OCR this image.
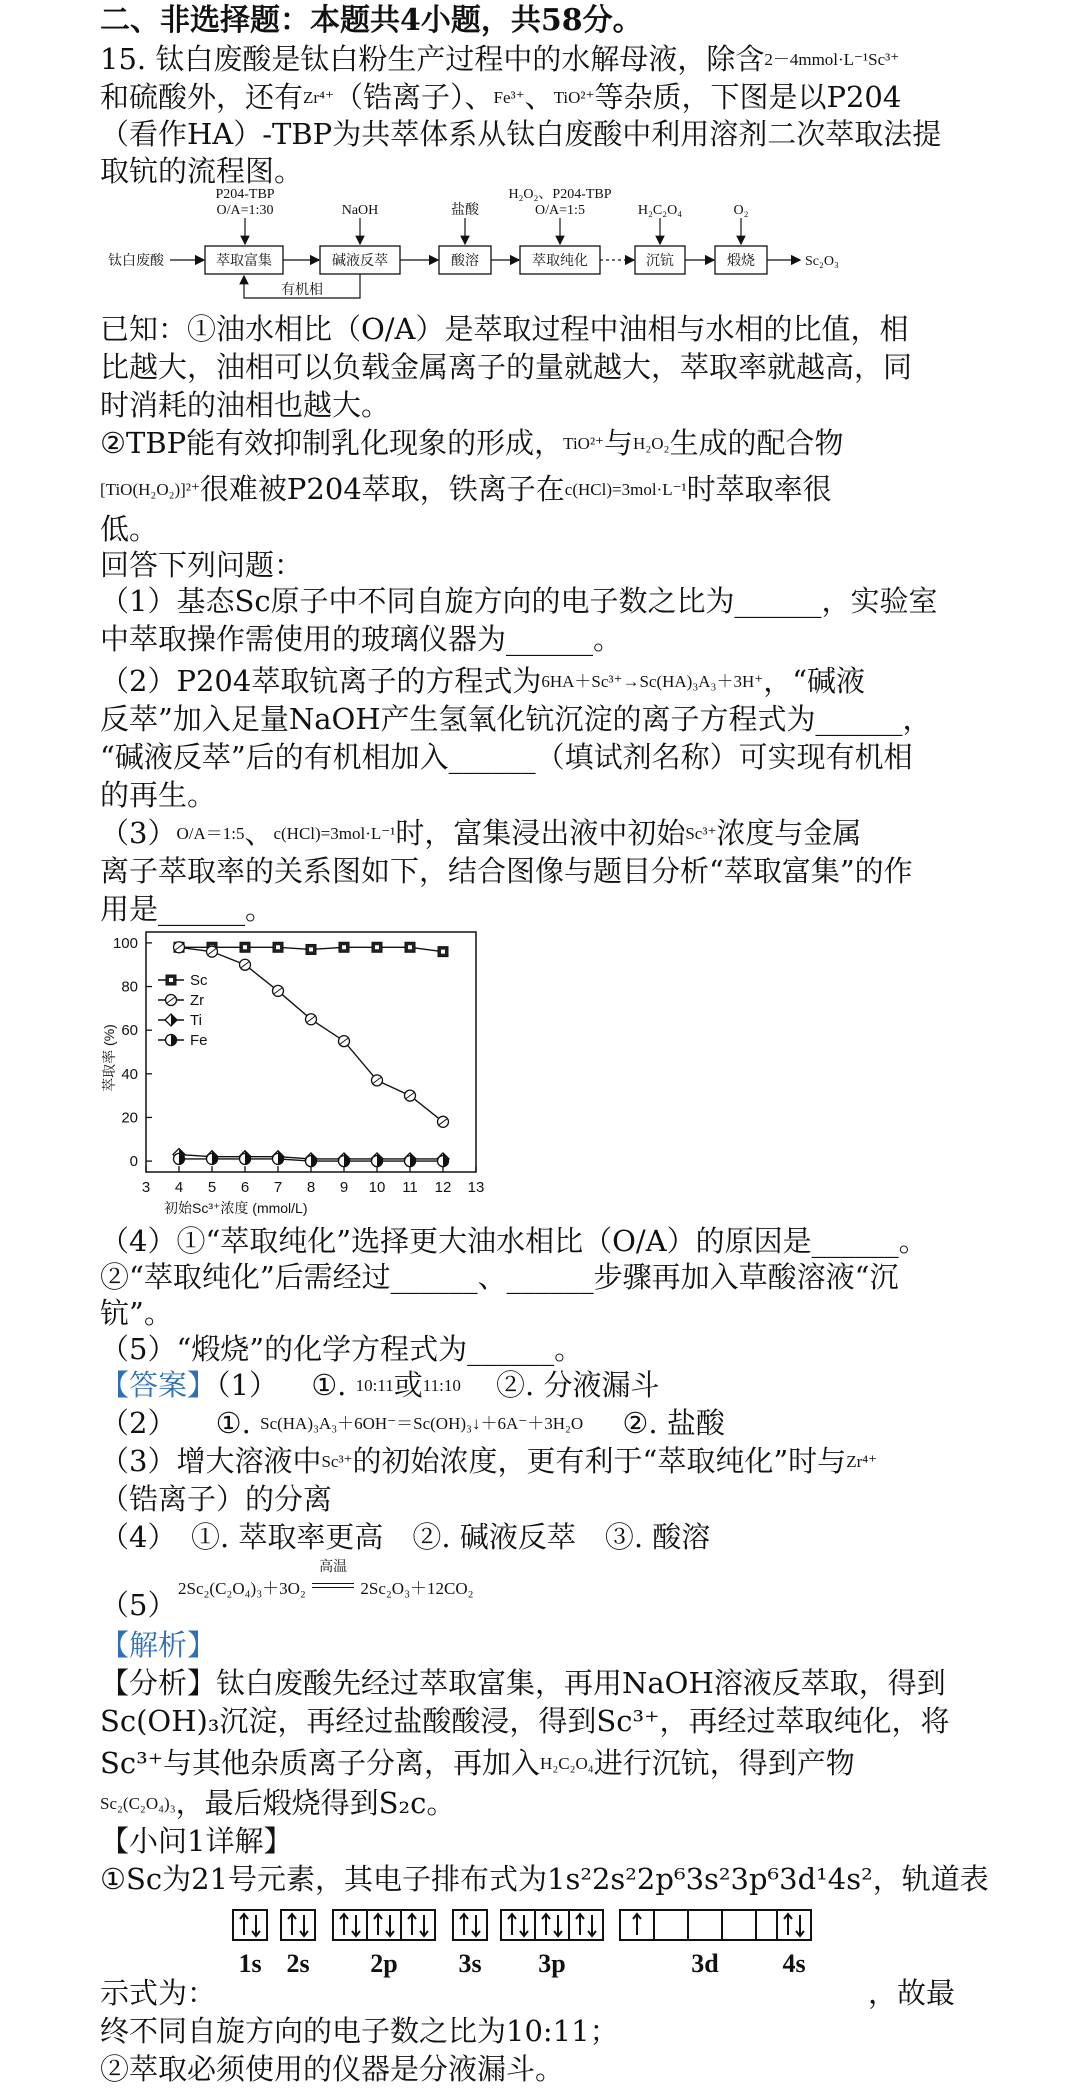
二、非选择题：本题共4小题，共58分。
15. 钛白废酸是钛白粉生产过程中的水解母液，除含2－4mmol·L⁻¹Sc³⁺
和硫酸外，还有Zr⁴⁺（锆离子）、Fe³⁺、TiO²⁺等杂质，下图是以P204
（看作HA）-TBP为共萃体系从钛白废酸中利用溶剂二次萃取法提
取钪的流程图。
钛白废酸	萃取富集	碱液反萃	酸溶	萃取纯化	沉钪	煅烧	Sc₂O₃
P204-TBP
O/A=1:30	NaOH	盐酸
H₂O₂、P204-TBP
O/A=1:5	H₂C₂O₄	O₂
有机相
已知：①油水相比（O/A）是萃取过程中油相与水相的比值，相
比越大，油相可以负载金属离子的量就越大，萃取率就越高，同
时消耗的油相也越大。
②TBP能有效抑制乳化现象的形成，TiO²⁺与H₂O₂生成的配合物
[TiO(H₂O₂)]²⁺很难被P204萃取，铁离子在c(HCl)=3mol·L⁻¹时萃取率很
低。
回答下列问题：
（1）基态Sc原子中不同自旋方向的电子数之比为______，实验室
中萃取操作需使用的玻璃仪器为______。
（2）P204萃取钪离子的方程式为6HA＋Sc³⁺→Sc(HA)₃A₃＋3H⁺，“碱液
反萃”加入足量NaOH产生氢氧化钪沉淀的离子方程式为______，
“碱液反萃”后的有机相加入______（填试剂名称）可实现有机相
的再生。
（3）O/A＝1:5、c(HCl)=3mol·L⁻¹时，富集浸出液中初始Sc³⁺浓度与金属
离子萃取率的关系图如下，结合图像与题目分析“萃取富集”的作
用是______。
3 4 5 6 7 8 9 10 11 12 13
0
20
40
60
80
100
初始Sc³⁺浓度 (mmol/L)
萃取率 (%)
Sc
Zr
Ti
Fe
（4）①“萃取纯化”选择更大油水相比（O/A）的原因是______。
②“萃取纯化”后需经过______、______步骤再加入草酸溶液“沉
钪”。
（5）“煅烧”的化学方程式为______。
【答案】（1） ①. 10:11或11:10 ②. 分液漏斗
（2） ①. Sc(HA)₃A₃＋6OH⁻＝Sc(OH)₃↓＋6A⁻＋3H₂O ②. 盐酸
（3）增大溶液中Sc³⁺的初始浓度，更有利于“萃取纯化”时与Zr⁴⁺
（锆离子）的分离
（4）　①. 萃取率更高　②. 碱液反萃　③. 酸溶
（5） 2Sc₂(C₂O₄)₃＋3O₂
高温
2Sc₂O₃＋12CO₂
【解析】
【分析】钛白废酸先经过萃取富集，再用NaOH溶液反萃取，得到
Sc(OH)₃沉淀，再经过盐酸酸浸，得到Sc³⁺，再经过萃取纯化，将
Sc³⁺与其他杂质离子分离，再加入H₂C₂O₄进行沉钪，得到产物
Sc₂(C₂O₄)₃，最后煅烧得到S₂c。
【小问1详解】
①Sc为21号元素，其电子排布式为1s²2s²2p⁶3s²3p⁶3d¹4s²，轨道表
1s 2s 2p 3s 3p	3d 4s
示式为：	，故最
终不同自旋方向的电子数之比为10:11；
②萃取必须使用的仪器是分液漏斗。
